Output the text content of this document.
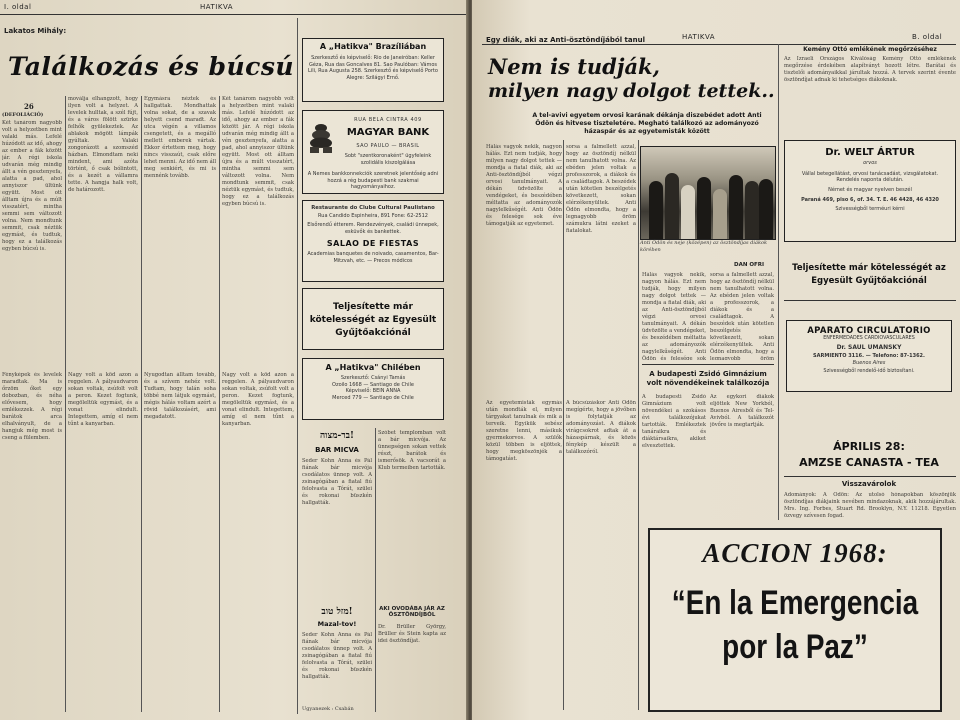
I. oldal	HATIKVA
Lakatos Mihály:
Találkozás és búcsú
26
(DEFOLIÁCIÓ)
Két tanárom nagyobb volt a helyzetben mint valaki más. Lefelé húzódott az idő, ahogy az ember a fák között jár. A régi iskola udvarán még mindig állt a vén gesztenyefa, alatta a pad, ahol annyiszor ültünk együtt. Most ott álltam újra és a múlt visszatért, mintha semmi sem változott volna. Nem mondtunk semmit, csak néztük egymást, és tudtuk, hogy ez a találkozás egyben búcsú is.
moválja elhangzott, hogy ilyen volt a helyzet. A levelek hulltak, a szél fújt, és a város fölött szürke felhők gyülekeztek. Az ablakok mögött lámpák gyúltak. Valaki zongorázott a szomszéd házban. Elmondtam neki mindent, ami azóta történt, ő csak bólintott, és a kezét a vállamra tette. A hangja halk volt, de határozott.
Egymásra néztek és hallgattak. Mondhattak volna sokat, de a szavak helyett csend maradt. Az utca végén a villamos csengetett, és a megálló mellett emberek vártak. Ekkor értettem meg, hogy nincs visszaút, csak előre lehet menni. Az idő nem áll meg senkiért, és mi is mennénk tovább.
Két tanárom nagyobb volt a helyzetben mint valaki más. Lefelé húzódott az idő, ahogy az ember a fák között jár. A régi iskola udvarán még mindig állt a vén gesztenyefa, alatta a pad, ahol annyiszor ültünk együtt. Most ott álltam újra és a múlt visszatért, mintha semmi sem változott volna. Nem mondtunk semmit, csak néztük egymást, és tudtuk, hogy ez a találkozás egyben búcsú is.
Fényképek és levelek maradtak. Ma is őrzöm őket egy dobozban, és néha elővesem, hogy emlékezzek. A régi barátok arca elhalványult, de a hangjuk még most is cseng a fülemben.
Nagy volt a köd azon a reggelen. A pályaudvaron sokan voltak, zsúfolt volt a peron. Kezet fogtunk, megöleltük egymást, és a vonat elindult. Integettem, amíg el nem tűnt a kanyarban.
Nyugodtan álltam tovább, és a szívem nehéz volt. Tudtam, hogy talán soha többé nem látjuk egymást, mégis hálás voltam azért a rövid találkozásért, ami megadatott.
Nagy volt a köd azon a reggelen. A pályaudvaron sokan voltak, zsúfolt volt a peron. Kezet fogtunk, megöleltük egymást, és a vonat elindult. Integettem, amíg el nem tűnt a kanyarban.
A „Hatikva" Brazíliában
Szerkesztő és képviselő: Rio de Janeiróban: Keller Géza, Rua das Goncalves 81. Sao Paulóban: Vámos Lili, Rua Augusta 258. Szerkesztő és képviselő Porto Alegre: Szilágyi Ernő.
RUA BELA CINTRA 409
MAGYAR BANK
SAO PAULO — BRASIL
Sobt "szentkoronaként" ügyfeleink szolidális kiszolgálása
A Nemes bankkonnekciók szeretnek jelentőség adni hozzá a rég budapesti bank szakmai hagyományaihoz.
Restaurante do Clube Cultural Paulistano
Rua Candido Espinheira, 891 Fone: 62-2512
Elsőrendű étterem. Rendezvények, családi ünnepek, esküvők és bankettek.
SALAO DE FIESTAS
Academias banquetes de noivado, casamentos, Bar-Mitzvah, etc. — Precos módicos
Teljesítette már kötelességét az Egyesült Gyűjtőakciónál
A „Hatikva" Chilében
Szerkesztő: Csányi Tamás
Ozoilo 1668 — Santiago de Chile
Képviselő: BEIN ANNA
Merced 779 — Santiago de Chile
בר-מצוה!
BAR MICVA
Seder Kohn Anna és Pál fiának bár micvója csodálatos ünnep volt. A zsinagógában a fiatal fiú felolvasta a Tórát, szülei és rokonai büszkén hallgatták.
Szóbet templomban volt a bár micvója. Az ünnepségen sokan vettek részt, barátok és ismerősök. A vacsorát a Klub termeiben tartották.
מזל טוב!
Mazal-tov!
Seder Kohn Anna és Pál fiának bár micvója csodálatos ünnep volt. A zsinagógában a fiatal fiú felolvasta a Tórát, szülei és rokonai büszkén hallgatták.
Ugyanezek : Csabán
AKI OVODÁBA JÁR AZ ÖSZTÖNDÍJBÓL
Dr. Brüller György, Brüller és Stein kapta az idei ösztöndíjat.
HATIKVA	B. oldal
Egy diák, aki az Anti-ösztöndíjából tanul
Nem is tudják,
milyen nagy dolgot tettek..
A tel-avivi egyetem orvosi karának dékánja diszebédet adott Anti Ödön és hitvese tiszteletére. Megható találkozó az adományozó házaspár és az egyetemisták között
Hálás vagyok nekik, nagyon hálás. Ezt nem tudják, hogy milyen nagy dolgot tettek — mondja a fiatal diák, aki az Anti-ösztöndíjból végzi orvosi tanulmányait. A dékán üdvözölte a vendégeket, és beszédében méltatta az adományozók nagylelkűségét. Anti Ödön és felesége sok éve támogatják az egyetemet.
sorsa a falmellett azzal, hogy az ösztöndíj nélkül nem tanulhatott volna. Az ebéden jelen voltak a professzorok, a diákok és a családtagok. A beszédek után kötetlen beszélgetés következett, sokan elérzékenyültek. Anti Ödön elmondta, hogy a legnagyobb öröm számukra látni ezeket a fiatalokat.
Anti Ödön és neje (középen) az ösztöndíjas diákok körében
DAN OFRI
Hálás vagyok nekik, nagyon hálás. Ezt nem tudják, hogy milyen nagy dolgot tettek — mondja a fiatal diák, aki az Anti-ösztöndíjból végzi orvosi tanulmányait. A dékán üdvözölte a vendégeket, és beszédében méltatta az adományozók nagylelkűségét. Anti Ödön és felesége sok
sorsa a falmellett azzal, hogy az ösztöndíj nélkül nem tanulhatott volna. Az ebéden jelen voltak a professzorok, a diákok és a családtagok. A beszédek után kötetlen beszélgetés következett, sokan elérzékenyültek. Anti Ödön elmondta, hogy a legnagyobb öröm
A budapesti Zsidó Gimnázium volt növendékeinek találkozója
A budapesti Zsidó Gimnázium volt növendékei a szokásos évi találkozójukat tartották. Emlékeztek tanáraikra és diáktársaikra, akiket elvesztettek.
Az egykori diákok eljöttek New Yorkból, Buenos Airesből és Tel-Avivból. A találkozót jövőre is megtartják.
Az egyetemisták egymás után mondták el, milyen tárgyakat tanulnak és mik a terveik. Egyikük sebész szeretne lenni, másikuk gyermekorvos. A szülők közül többen is eljöttek, hogy megköszönjék a támogatást.
A búcsúzáskor Anti Ödön megígérte, hogy a jövőben is folytatják az adományozást. A diákok virágcsokrot adtak át a házaspárnak, és közös fénykép készült a találkozóról.
Kemény Ottó emlékének megőrzéséhez
Az Izraeli Országos Kiválóság Kemény Ottó emlékének megőrzése érdekében alapítványt hozott létre. Barátai és tisztelői adományaikkal járultak hozzá. A tervek szerint évente ösztöndíjat adnak ki tehetséges diákoknak.
Dr. WELT ÁRTUR
orvos
Vállal betegellátást, orvosi tanácsadást, vizsgálatokat. Rendelés naponta délután.
Német és magyar nyelven beszél
Paraná 469, piso 6, of. 34. T. E. 46 4428, 46 4320
Szivességből terméuri kérni
Teljesítette már kötelességét az Egyesült Gyűjtőakciónál
APARATO CIRCULATORIO
ENFERMEDADES CARDIOVASCULARES
Dr. SAUL UMANSKY
SARMIENTO 3116. — Telefono: 87-1362.
Buenos Aires
Szivességből rendelő-idő biztosítani.
ÁPRILIS 28:
AMZSE CANASTA - TEA
Visszavárolok
Adományok: A Ödön: Az utolsó hónapokban köszönjük ösztöndíjas diákjaink nevében mindazoknak, akik hozzájárultak. Mrs. Ing. Forbes, Stuart Rd. Brooklyn, N.Y. 11218. Egyetlen özvegy szívesen fogad.
ACCION 1968:
“En la Emergencia
por la Paz”
